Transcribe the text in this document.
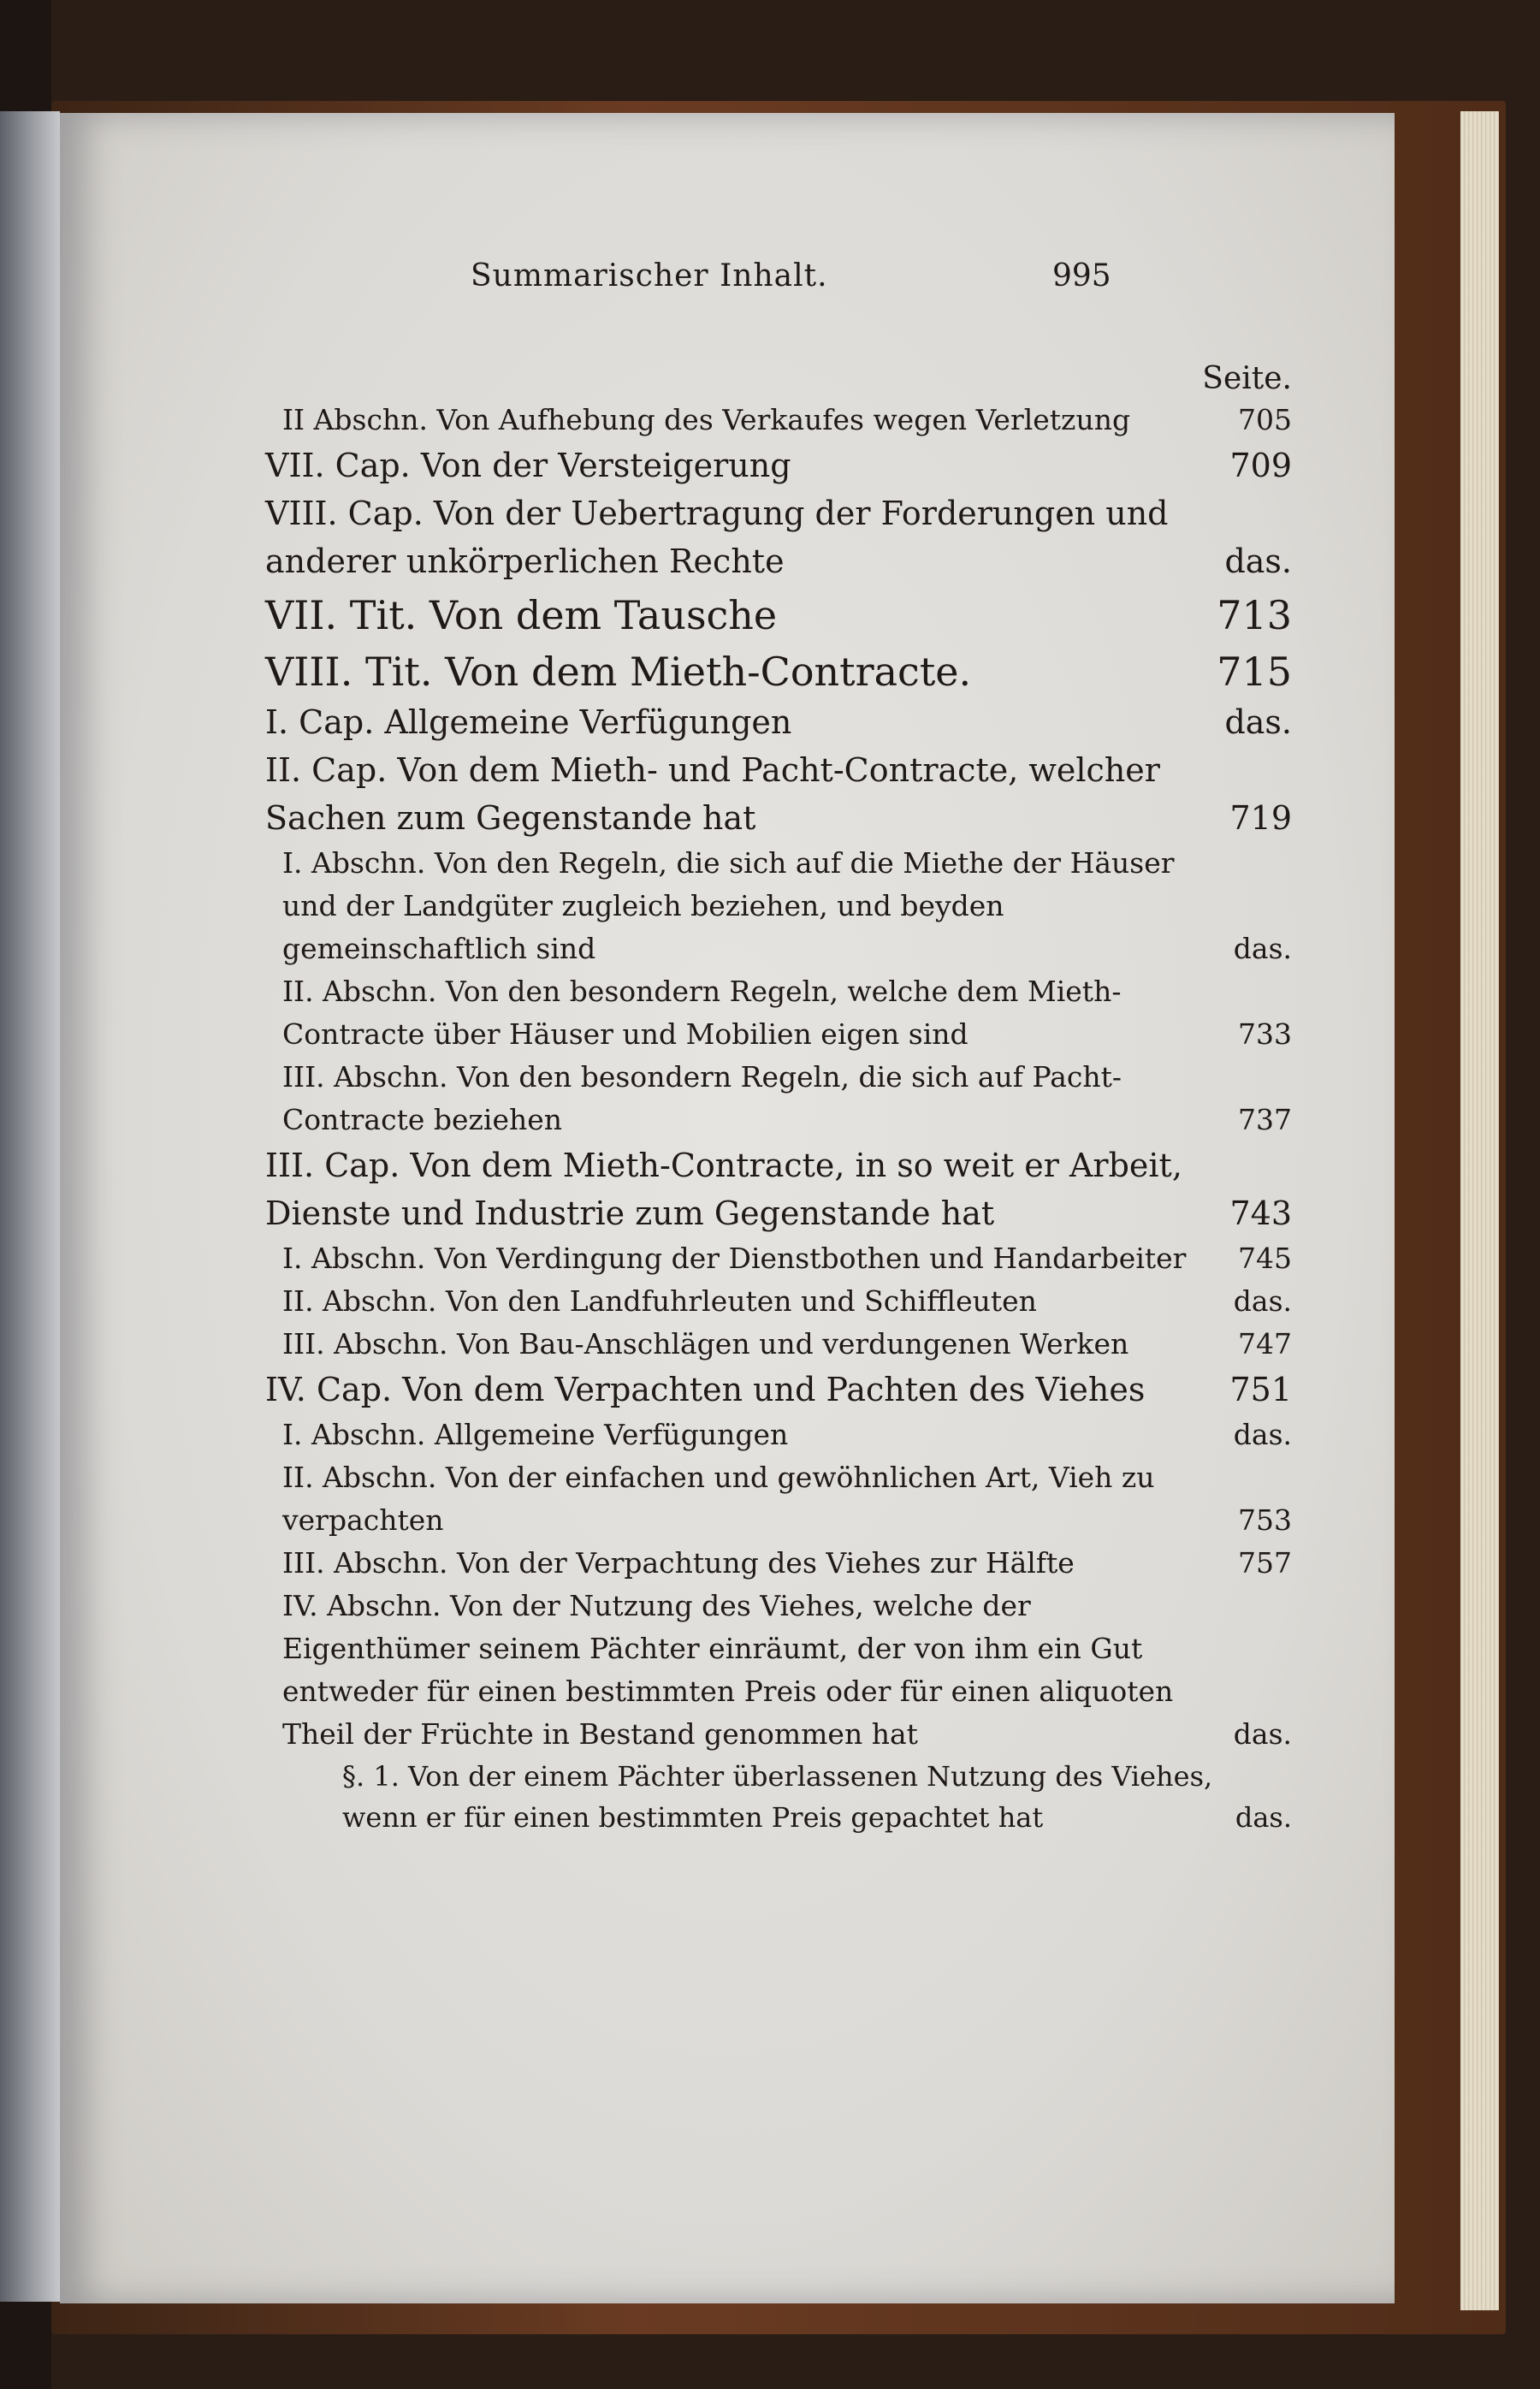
Summarischer Inhalt.	995
Seite.
II Abschn. Von Aufhebung des Verkaufes wegen Verletzung	705
VII. Cap. Von der Versteigerung	709
VIII. Cap. Von der Uebertragung der Forderungen und anderer unkörperlichen Rechte	das.
VII. Tit. Von dem Tausche	713
VIII. Tit. Von dem Mieth-Contracte.	715
I. Cap. Allgemeine Verfügungen	das.
II. Cap. Von dem Mieth- und Pacht-Contracte, welcher Sachen zum Gegenstande hat	719
I. Abschn. Von den Regeln, die sich auf die Miethe der Häuser und der Landgüter zugleich beziehen, und beyden gemeinschaftlich sind	das.
II. Abschn. Von den besondern Regeln, welche dem Mieth-Contracte über Häuser und Mobilien eigen sind	733
III. Abschn. Von den besondern Regeln, die sich auf Pacht-Contracte beziehen	737
III. Cap. Von dem Mieth-Contracte, in so weit er Arbeit, Dienste und Industrie zum Gegenstande hat	743
I. Abschn. Von Verdingung der Dienstbothen und Handarbeiter	745
II. Abschn. Von den Landfuhrleuten und Schiffleuten	das.
III. Abschn. Von Bau-Anschlägen und verdungenen Werken	747
IV. Cap. Von dem Verpachten und Pachten des Viehes	751
I. Abschn. Allgemeine Verfügungen	das.
II. Abschn. Von der einfachen und gewöhnlichen Art, Vieh zu verpachten	753
III. Abschn. Von der Verpachtung des Viehes zur Hälfte	757
IV. Abschn. Von der Nutzung des Viehes, welche der Eigenthümer seinem Pächter einräumt, der von ihm ein Gut entweder für einen bestimmten Preis oder für einen aliquoten Theil der Früchte in Bestand genommen hat	das.
§. 1. Von der einem Pächter überlassenen Nutzung des Viehes, wenn er für einen bestimmten Preis gepachtet hat	das.
